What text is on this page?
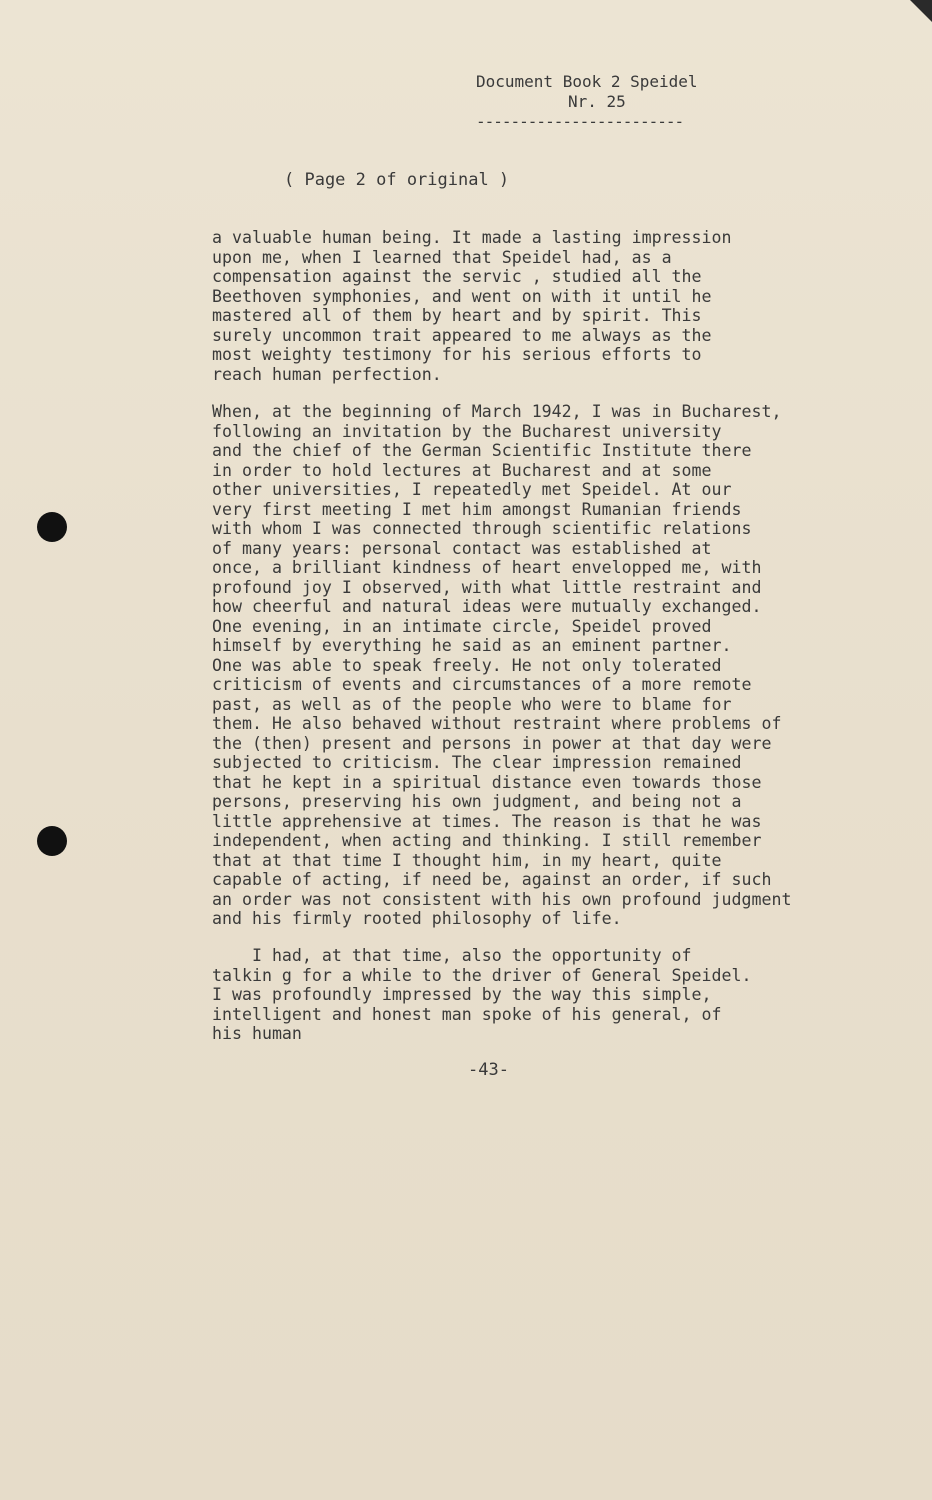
Document Book 2 Speidel
Nr. 25
------------------------
( Page 2 of original )

a valuable human being. It made a lasting impression
upon me, when I learned that Speidel had, as a
compensation against the servic , studied all the
Beethoven symphonies, and went on with it until he
mastered all of them by heart and by spirit. This
surely uncommon trait appeared to me always as the
most weighty testimony for his serious efforts to
reach human perfection.

When, at the beginning of March 1942, I was in Bucharest,
following an invitation by the Bucharest university
and the chief of the German Scientific Institute there
in order to hold lectures at Bucharest and at some
other universities, I repeatedly met Speidel. At our
very first meeting I met him amongst Rumanian friends
with whom I was connected through scientific relations
of many years: personal contact was established at
once, a brilliant kindness of heart envelopped me, with
profound joy I observed, with what little restraint and
how cheerful and natural ideas were mutually exchanged.
One evening, in an intimate circle, Speidel proved
himself by everything he said as an eminent partner.
One was able to speak freely. He not only tolerated
criticism of events and circumstances of a more remote
past, as well as of the people who were to blame for
them. He also behaved without restraint where problems of
the (then) present and persons in power at that day were
subjected to criticism. The clear impression remained
that he kept in a spiritual distance even towards those
persons, preserving his own judgment, and being not a
little apprehensive at times. The reason is that he was
independent, when acting and thinking. I still remember
that at that time I thought him, in my heart, quite
capable of acting, if need be, against an order, if such
an order was not consistent with his own profound judgment
and his firmly rooted philosophy of life.

I had, at that time, also the opportunity of
talkin g for a while to the driver of General Speidel.
I was profoundly impressed by the way this simple,
intelligent and honest man spoke of his general, of
his human

-43-
